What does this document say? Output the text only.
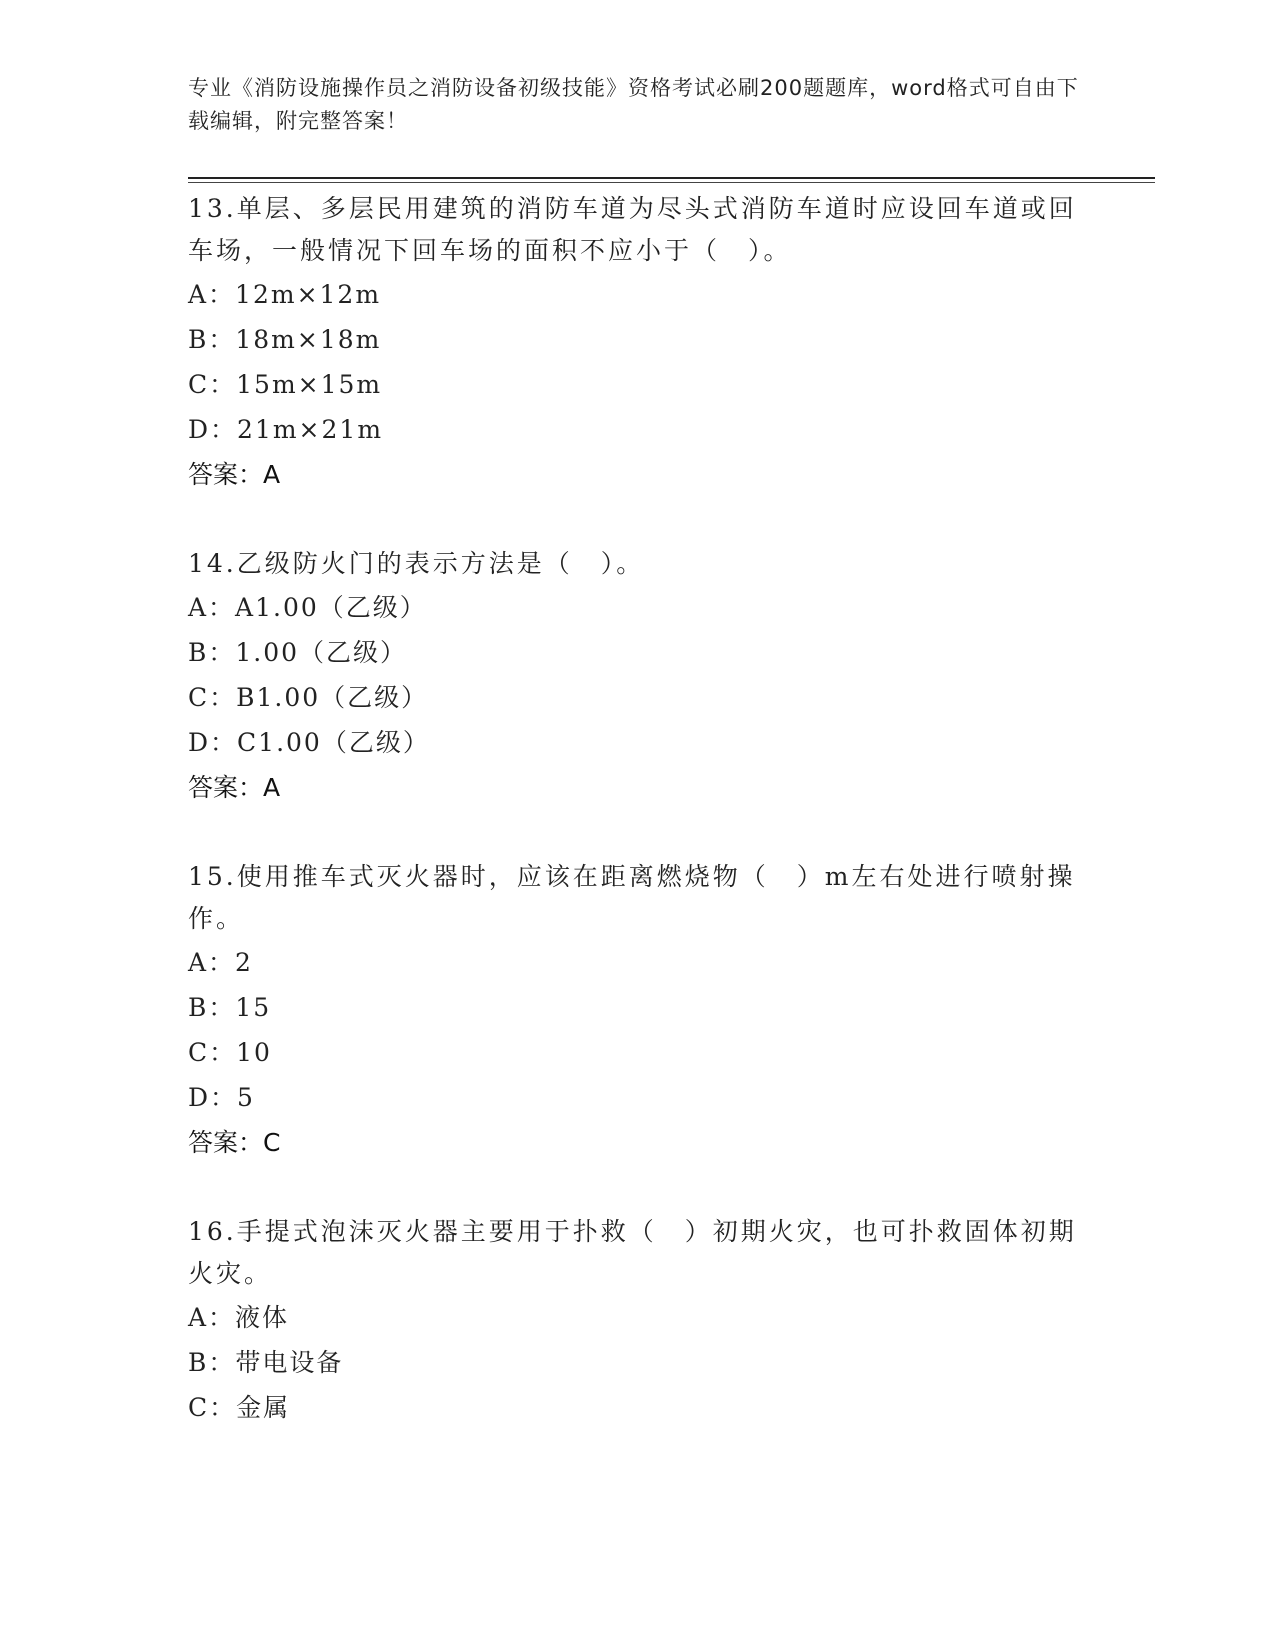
专业《消防设施操作员之消防设备初级技能》资格考试必刷200题题库，word格式可自由下载编辑，附完整答案！

13.单层、多层民用建筑的消防车道为尽头式消防车道时应设回车道或回车场，一般情况下回车场的面积不应小于（　）。

A：12m×12m
B：18m×18m
C：15m×15m
D：21m×21m
答案：A

14.乙级防火门的表示方法是（　）。

A：A1.00（乙级）
B：1.00（乙级）
C：B1.00（乙级）
D：C1.00（乙级）
答案：A

15.使用推车式灭火器时，应该在距离燃烧物（　）m左右处进行喷射操作。

A：2
B：15
C：10
D：5
答案：C

16.手提式泡沫灭火器主要用于扑救（　）初期火灾，也可扑救固体初期火灾。

A：液体
B：带电设备
C：金属
